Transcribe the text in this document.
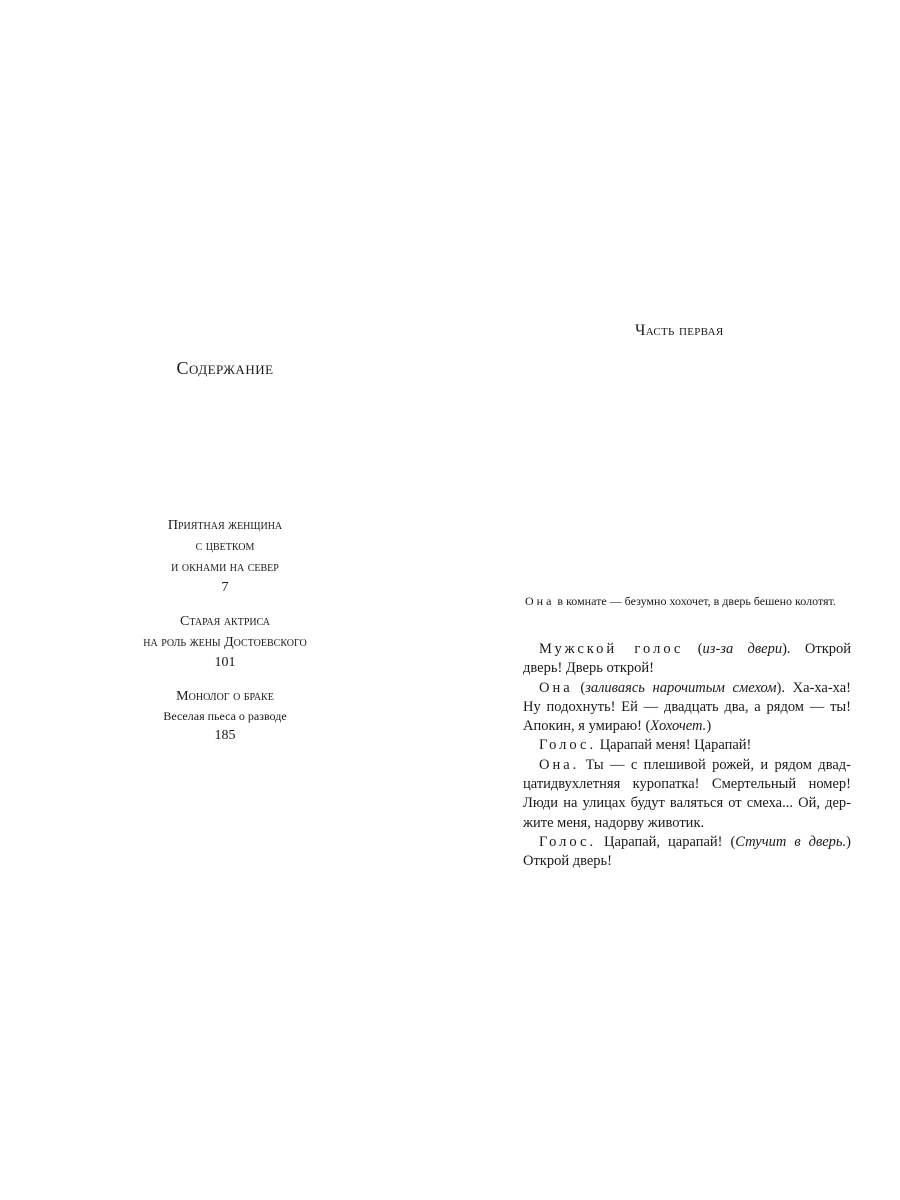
Содержание
Приятная женщина
с цветком
и окнами на север
7
Старая актриса
на роль жены Достоевского
101
Монолог о браке
Веселая пьеса о разводе
185
Часть первая
Она в комнате — безумно хохочет, в дверь бешено колотят.

Мужской голос (из-за двери). Открой дверь! Дверь открой!

Она (заливаясь нарочитым смехом). Ха-ха-ха! Ну подохнуть! Ей — двадцать два, а рядом — ты! Апокин, я умираю! (Хохочет.)

Голос. Царапай меня! Царапай!

Она. Ты — с плешивой рожей, и рядом двадцатидвухлетняя куропатка! Смертельный номер! Люди на улицах будут валяться от смеха... Ой, держите меня, надорву животик.

Голос. Царапай, царапай! (Стучит в дверь.) Открой дверь!
